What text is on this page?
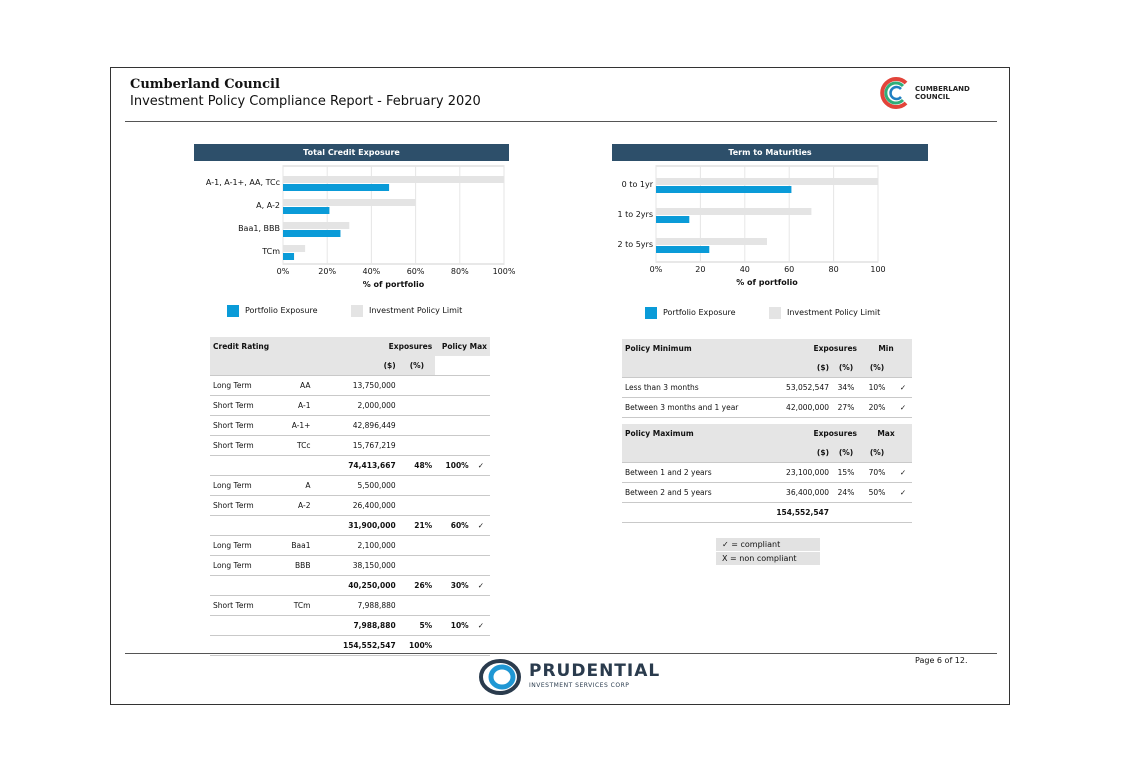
Cumberland Council
Investment Policy Compliance Report - February 2020
CUMBERLAND
COUNCIL
Total Credit Exposure	Term to Maturities
0%	20%	40%	60%	80%	100%
A-1, A-1+, AA, TCc
A, A-2
Baa1, BBB
TCm
% of portfolio
0%	20	40	60	80	100
0 to 1yr
1 to 2yrs
2 to 5yrs
% of portfolio
Portfolio Exposure	Investment Policy Limit	Portfolio Exposure	Investment Policy Limit
Credit Rating		Exposures		Policy Max	
		($)	(%)		
Long Term	AA	13,750,000			
Short Term	A-1	2,000,000			
Short Term	A-1+	42,896,449			
Short Term	TCc	15,767,219			
		74,413,667	48%	100%	✓
Long Term	A	5,500,000			
Short Term	A-2	26,400,000			
		31,900,000	21%	60%	✓
Long Term	Baa1	2,100,000			
Long Term	BBB	38,150,000			
		40,250,000	26%	30%	✓
Short Term	TCm	7,988,880			
		7,988,880	5%	10%	✓
		154,552,547	100%		
Policy Minimum	Exposures		Min	
	($)	(%)	(%)	
Less than 3 months	53,052,547	34%	10%	✓
Between 3 months and 1 year	42,000,000	27%	20%	✓
Policy Maximum	Exposures		Max	
	($)	(%)	(%)	
Between 1 and 2 years	23,100,000	15%	70%	✓
Between 2 and 5 years	36,400,000	24%	50%	✓
	154,552,547			
✓ = compliant
X = non compliant
Page 6 of 12.
PRUDENTIAL
INVESTMENT SERVICES CORP
